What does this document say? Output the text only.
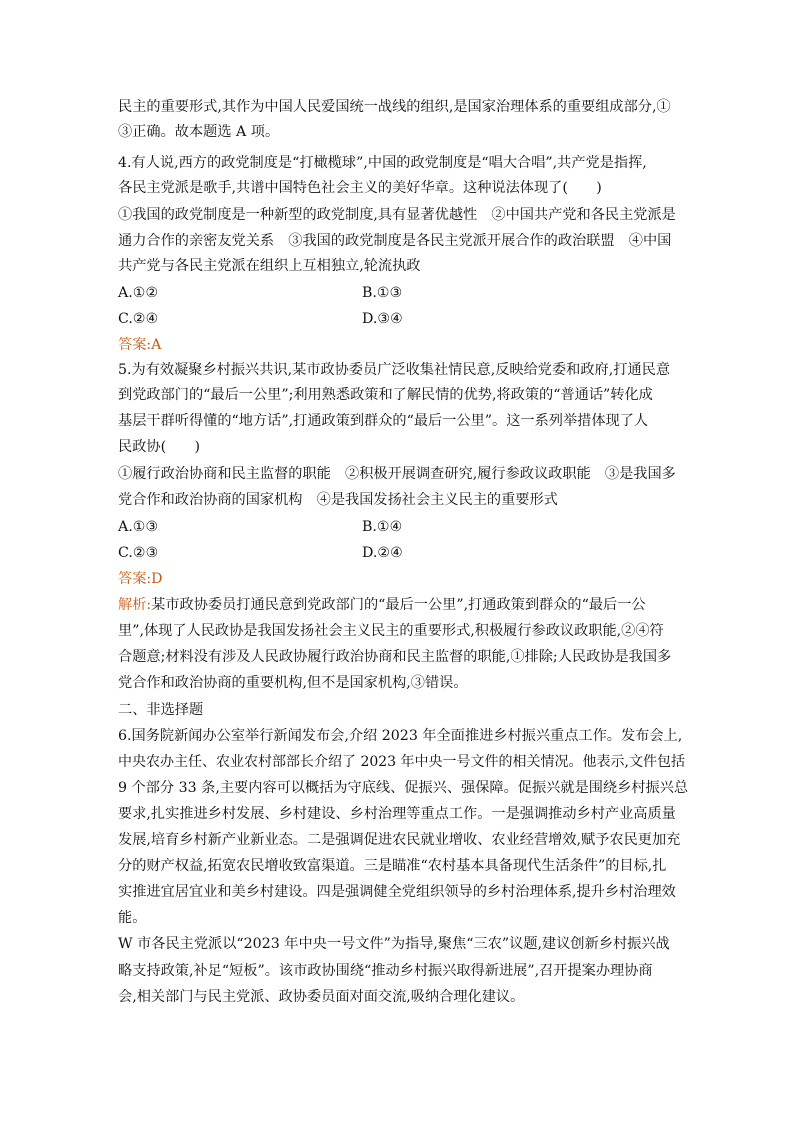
民主的重要形式,其作为中国人民爱国统一战线的组织,是国家治理体系的重要组成部分,①
③正确。故本题选 A 项。
4.有人说,西方的政党制度是“打橄榄球”,中国的政党制度是“唱大合唱”,共产党是指挥,
各民主党派是歌手,共谱中国特色社会主义的美好华章。这种说法体现了(　　)
①我国的政党制度是一种新型的政党制度,具有显著优越性　②中国共产党和各民主党派是
通力合作的亲密友党关系　③我国的政党制度是各民主党派开展合作的政治联盟　④中国
共产党与各民主党派在组织上互相独立,轮流执政
A.①②	B.①③
C.②④	D.③④
答案:A
5.为有效凝聚乡村振兴共识,某市政协委员广泛收集社情民意,反映给党委和政府,打通民意
到党政部门的“最后一公里”;利用熟悉政策和了解民情的优势,将政策的“普通话”转化成
基层干群听得懂的“地方话”,打通政策到群众的“最后一公里”。这一系列举措体现了人
民政协(　　)
①履行政治协商和民主监督的职能　②积极开展调查研究,履行参政议政职能　③是我国多
党合作和政治协商的国家机构　④是我国发扬社会主义民主的重要形式
A.①③	B.①④
C.②③	D.②④
答案:D
解析:某市政协委员打通民意到党政部门的“最后一公里”,打通政策到群众的“最后一公
里”,体现了人民政协是我国发扬社会主义民主的重要形式,积极履行参政议政职能,②④符
合题意;材料没有涉及人民政协履行政治协商和民主监督的职能,①排除;人民政协是我国多
党合作和政治协商的重要机构,但不是国家机构,③错误。
二、非选择题
6.国务院新闻办公室举行新闻发布会,介绍 2023 年全面推进乡村振兴重点工作。发布会上,
中央农办主任、农业农村部部长介绍了 2023 年中央一号文件的相关情况。他表示,文件包括
9 个部分 33 条,主要内容可以概括为守底线、促振兴、强保障。促振兴就是围绕乡村振兴总
要求,扎实推进乡村发展、乡村建设、乡村治理等重点工作。一是强调推动乡村产业高质量
发展,培育乡村新产业新业态。二是强调促进农民就业增收、农业经营增效,赋予农民更加充
分的财产权益,拓宽农民增收致富渠道。三是瞄准“农村基本具备现代生活条件”的目标,扎
实推进宜居宜业和美乡村建设。四是强调健全党组织领导的乡村治理体系,提升乡村治理效
能。
W 市各民主党派以“2023 年中央一号文件”为指导,聚焦“三农”议题,建议创新乡村振兴战
略支持政策,补足“短板”。该市政协围绕“推动乡村振兴取得新进展”,召开提案办理协商
会,相关部门与民主党派、政协委员面对面交流,吸纳合理化建议。
